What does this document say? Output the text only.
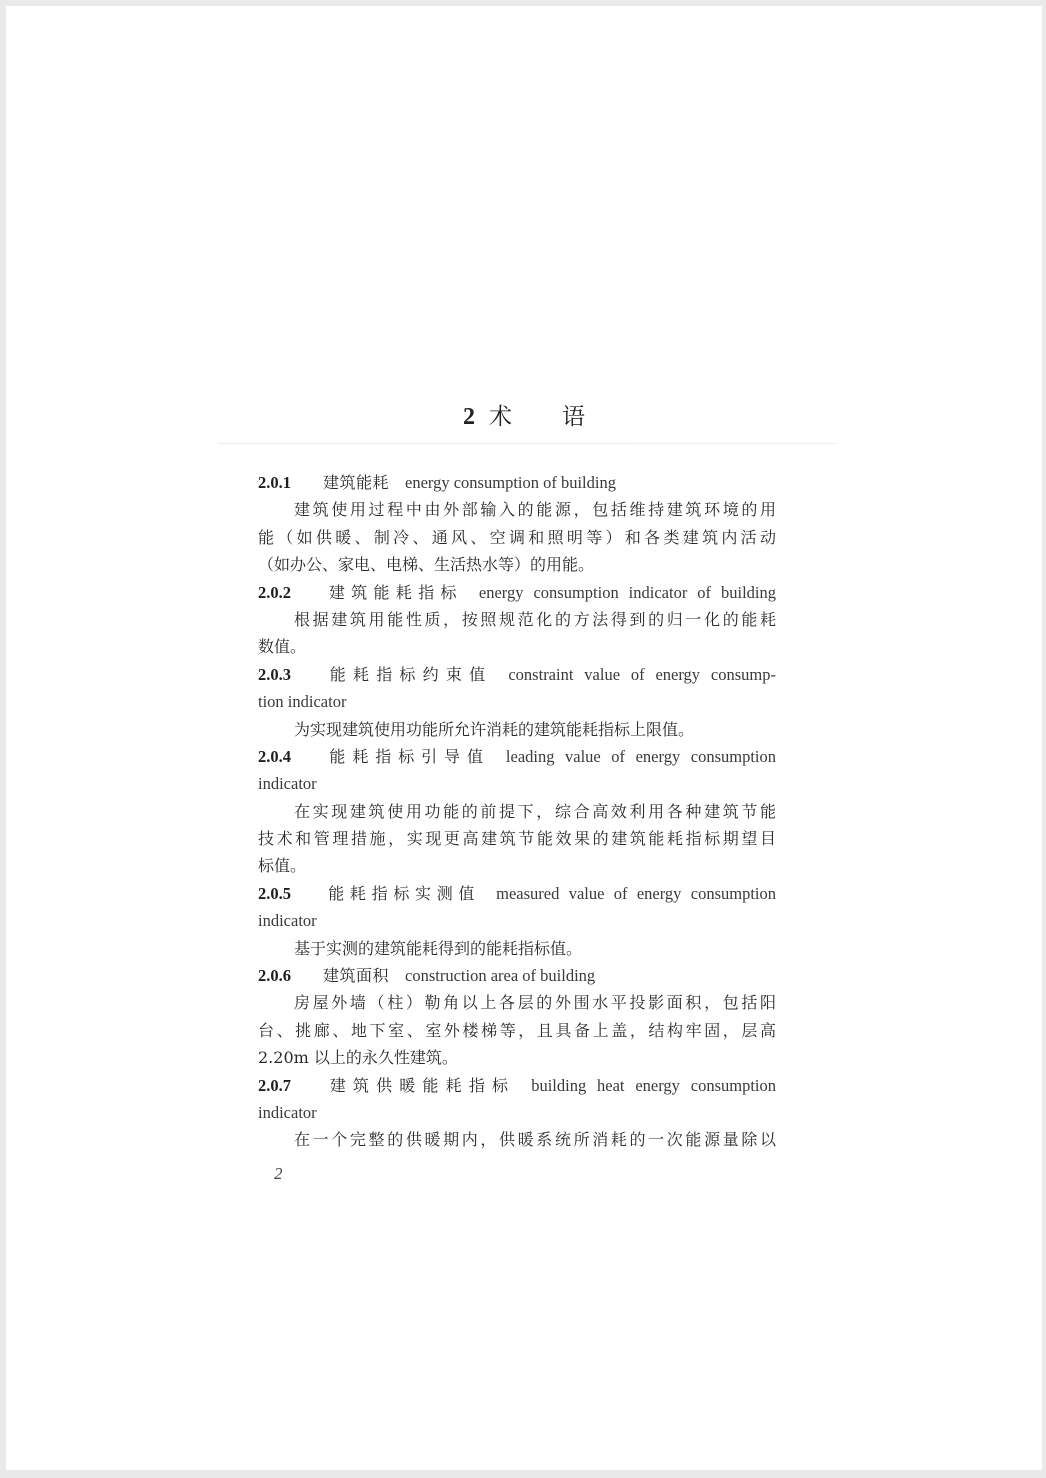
2 术 语
2.0.1 建筑能耗 energy consumption of building
建筑使用过程中由外部输入的能源，包括维持建筑环境的用
能（如供暖、制冷、通风、空调和照明等）和各类建筑内活动
（如办公、家电、电梯、生活热水等）的用能。
2.0.2 建筑能耗指标 energy consumption indicator of building
根据建筑用能性质，按照规范化的方法得到的归一化的能耗
数值。
2.0.3 能耗指标约束值 constraint value of energy consump-
tion indicator
为实现建筑使用功能所允许消耗的建筑能耗指标上限值。
2.0.4 能耗指标引导值 leading value of energy consumption
indicator
在实现建筑使用功能的前提下，综合高效利用各种建筑节能
技术和管理措施，实现更高建筑节能效果的建筑能耗指标期望目
标值。
2.0.5 能耗指标实测值 measured value of energy consumption
indicator
基于实测的建筑能耗得到的能耗指标值。
2.0.6 建筑面积 construction area of building
房屋外墙（柱）勒角以上各层的外围水平投影面积，包括阳
台、挑廊、地下室、室外楼梯等，且具备上盖，结构牢固，层高
2.20m 以上的永久性建筑。
2.0.7 建筑供暖能耗指标 building heat energy consumption
indicator
在一个完整的供暖期内，供暖系统所消耗的一次能源量除以
2
